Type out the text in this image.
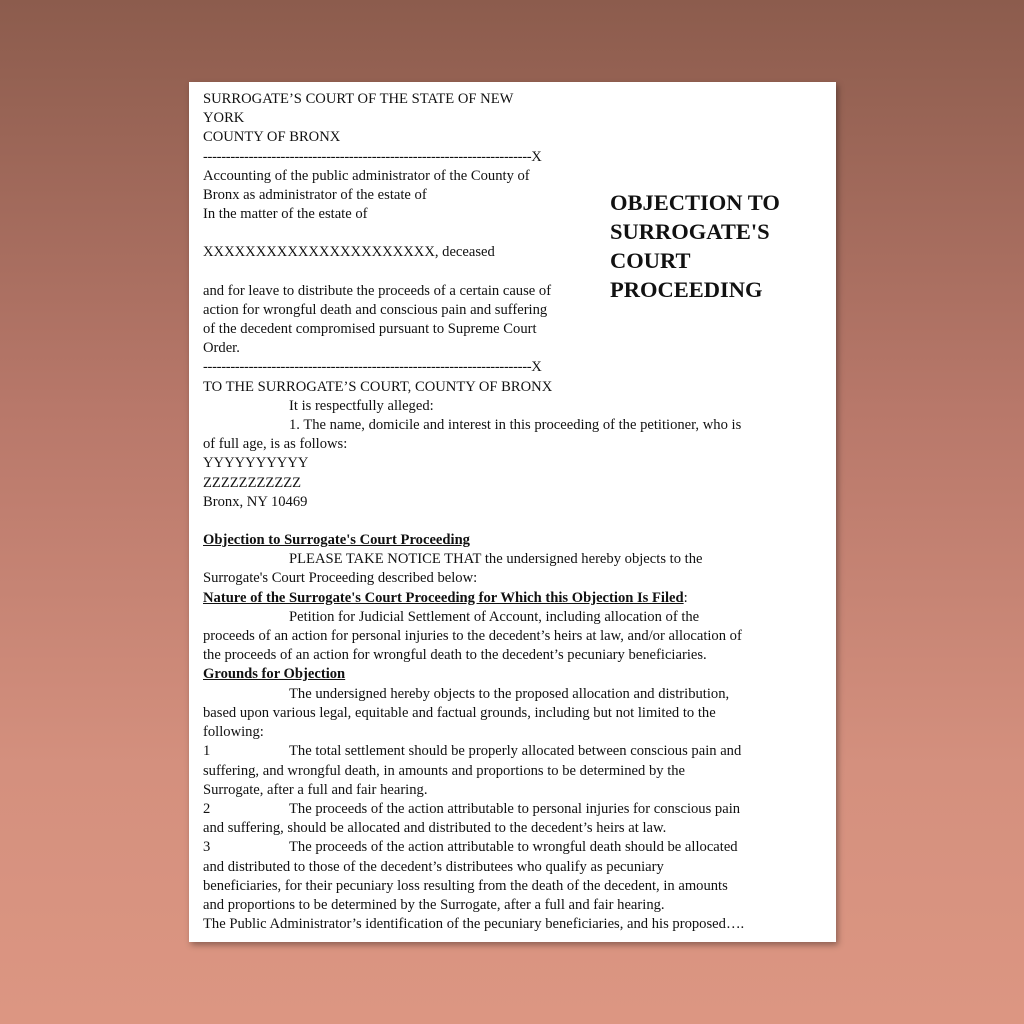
SURROGATE’S COURT OF THE STATE OF NEW
YORK
COUNTY OF BRONX
------------------------------------------------------------------------X
Accounting of the public administrator of the County of
Bronx as administrator of the estate of
In the matter of the estate of
XXXXXXXXXXXXXXXXXXXXXX, deceased
and for leave to distribute the proceeds of a certain cause of
action for wrongful death and conscious pain and suffering
of the decedent compromised pursuant to Supreme Court
Order.
------------------------------------------------------------------------X
TO THE SURROGATE’S COURT, COUNTY OF BRONX
It is respectfully alleged:
1. The name, domicile and interest in this proceeding of the petitioner, who is
of full age, is as follows:
YYYYYYYYYY
ZZZZZZZZZZZ
Bronx, NY 10469
Objection to Surrogate's Court Proceeding
PLEASE TAKE NOTICE THAT the undersigned hereby objects to the
Surrogate's Court Proceeding described below:
Nature of the Surrogate's Court Proceeding for Which this Objection Is Filed:
Petition for Judicial Settlement of Account, including allocation of the
proceeds of an action for personal injuries to the decedent’s heirs at law, and/or allocation of
the proceeds of an action for wrongful death to the decedent’s pecuniary beneficiaries.
Grounds for Objection
The undersigned hereby objects to the proposed allocation and distribution,
based upon various legal, equitable and factual grounds, including but not limited to the
following:
1	The total settlement should be properly allocated between conscious pain and
suffering, and wrongful death, in amounts and proportions to be determined by the
Surrogate, after a full and fair hearing.
2	The proceeds of the action attributable to personal injuries for conscious pain
and suffering, should be allocated and distributed to the decedent’s heirs at law.
3	The proceeds of the action attributable to wrongful death should be allocated
and distributed to those of the decedent’s distributees who qualify as pecuniary
beneficiaries, for their pecuniary loss resulting from the death of the decedent, in amounts
and proportions to be determined by the Surrogate, after a full and fair hearing.
The Public Administrator’s identification of the pecuniary beneficiaries, and his proposed….
OBJECTION TO
SURROGATE'S
COURT
PROCEEDING
